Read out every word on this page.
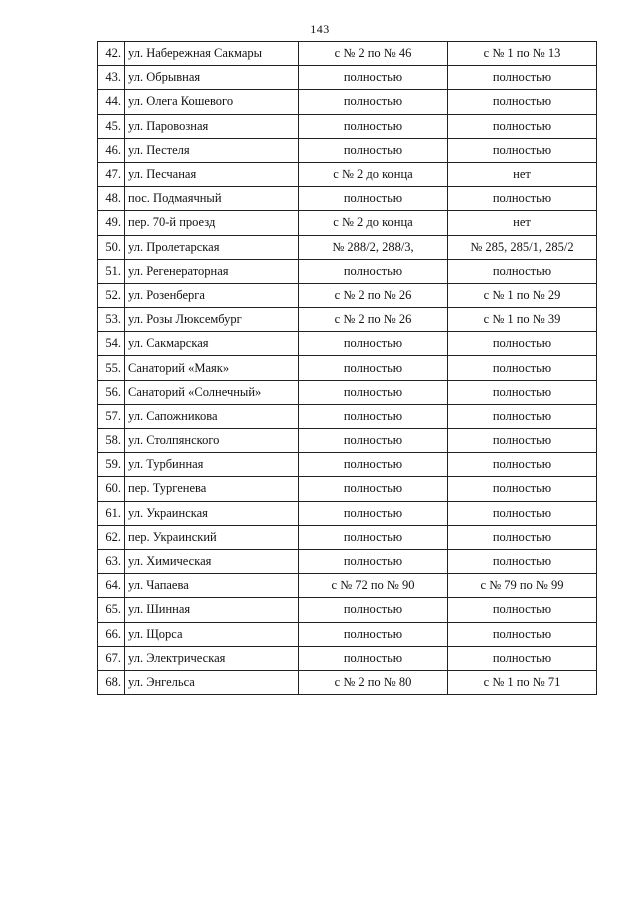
143
42.	ул. Набережная Сакмары	с № 2 по № 46	с № 1 по № 13
43.	ул. Обрывная	полностью	полностью
44.	ул. Олега Кошевого	полностью	полностью
45.	ул. Паровозная	полностью	полностью
46.	ул. Пестеля	полностью	полностью
47.	ул. Песчаная	с № 2 до конца	нет
48.	пос. Подмаячный	полностью	полностью
49.	пер. 70-й проезд	с № 2 до конца	нет
50.	ул. Пролетарская	№ 288/2, 288/3,	№ 285, 285/1, 285/2
51.	ул. Регенераторная	полностью	полностью
52.	ул. Розенберга	с № 2 по № 26	с № 1 по № 29
53.	ул. Розы Люксембург	с № 2 по № 26	с № 1 по № 39
54.	ул. Сакмарская	полностью	полностью
55.	Санаторий «Маяк»	полностью	полностью
56.	Санаторий «Солнечный»	полностью	полностью
57.	ул. Сапожникова	полностью	полностью
58.	ул. Столпянского	полностью	полностью
59.	ул. Турбинная	полностью	полностью
60.	пер. Тургенева	полностью	полностью
61.	ул. Украинская	полностью	полностью
62.	пер. Украинский	полностью	полностью
63.	ул. Химическая	полностью	полностью
64.	ул. Чапаева	с № 72 по № 90	с № 79 по № 99
65.	ул. Шинная	полностью	полностью
66.	ул. Щорса	полностью	полностью
67.	ул. Электрическая	полностью	полностью
68.	ул. Энгельса	с № 2 по № 80	с № 1 по № 71
